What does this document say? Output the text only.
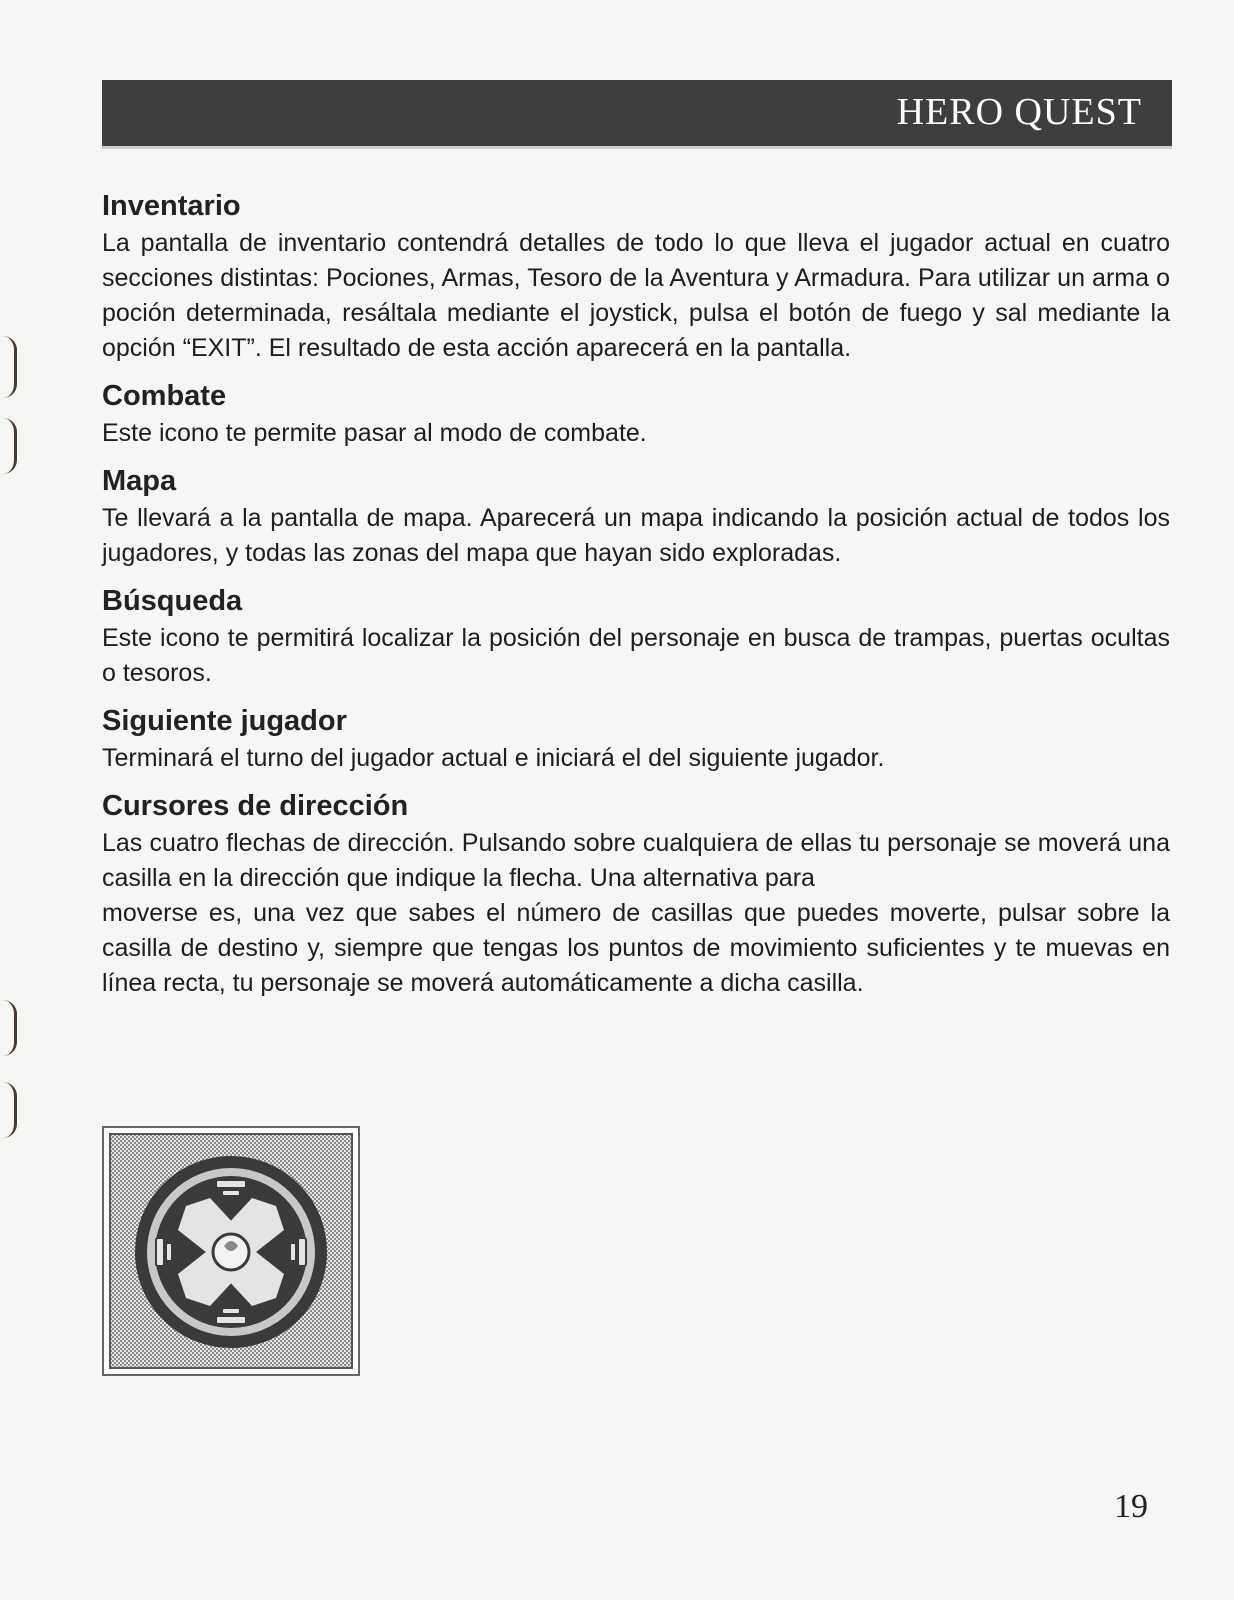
HERO QUEST
Inventario

La pantalla de inventario contendrá detalles de todo lo que lleva el jugador actual en cuatro secciones distintas: Pociones, Armas, Tesoro de la Aventura y Armadura. Para utilizar un arma o poción determinada, resáltala mediante el joystick, pulsa el botón de fuego y sal mediante la opción “EXIT”. El resultado de esta acción aparecerá en la pantalla.

Combate

Este icono te permite pasar al modo de combate.

Mapa

Te llevará a la pantalla de mapa. Aparecerá un mapa indicando la posición actual de todos los jugadores, y todas las zonas del mapa que hayan sido exploradas.

Búsqueda

Este icono te permitirá localizar la posición del personaje en busca de trampas, puertas ocultas o tesoros.

Siguiente jugador

Terminará el turno del jugador actual e iniciará el del siguiente jugador.

Cursores de dirección

Las cuatro flechas de dirección. Pulsando sobre cualquiera de ellas tu personaje se moverá una casilla en la dirección que indique la flecha. Una alternativa para

moverse es, una vez que sabes el número de casillas que puedes moverte, pulsar sobre la casilla de destino y, siempre que tengas los puntos de movimiento suficientes y te muevas en línea recta, tu personaje se moverá automáticamente a dicha casilla.

19
